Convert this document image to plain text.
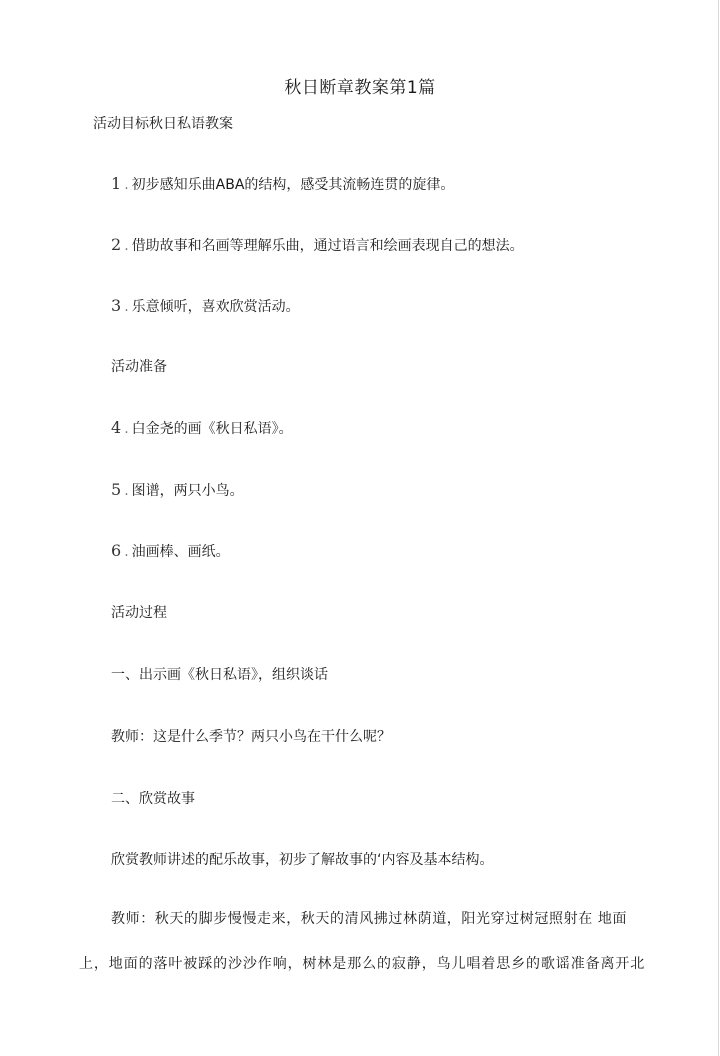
秋日断章教案第1篇
活动目标秋日私语教案
1 . 初步感知乐曲ABA的结构，感受其流畅连贯的旋律。
2 . 借助故事和名画等理解乐曲，通过语言和绘画表现自己的想法。
3 . 乐意倾听，喜欢欣赏活动。
活动准备
4 . 白金尧的画《秋日私语》。
5 . 图谱，两只小鸟。
6 . 油画棒、画纸。
活动过程
一、出示画《秋日私语》，组织谈话
教师：这是什么季节？两只小鸟在干什么呢？
二、欣赏故事
欣赏教师讲述的配乐故事，初步了解故事的‘内容及基本结构。
教师：秋天的脚步慢慢走来，秋天的清风拂过林荫道，阳光穿过树冠照射在 地面
上，地面的落叶被踩的沙沙作响，树林是那么的寂静，鸟儿唱着思乡的歌谣准备离开北
